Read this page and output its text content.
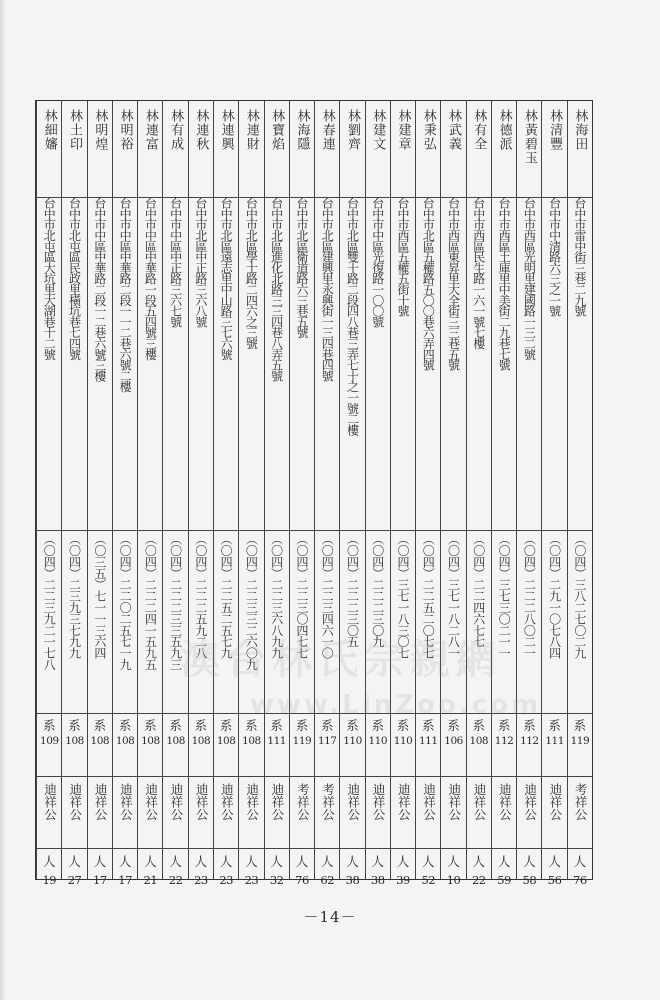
林海田
台中市雷中街三巷二九號
（〇四）三八二七〇二九
系
119
考祥公
人
76
林清豐
台中市中清路六三之一號
（〇四）二九一〇七八四
系
111
迪祥公
人
56
林黃碧玉
台中市西區光明里建國路一三二號
（〇四）二二二八〇二一
系
112
迪祥公
人
58
林德派
台中市西區土庫里中美街二九巷七號
（〇四）三七三〇二一一
系
112
迪祥公
人
59
林有全
台中市西區民生路一六一號七樓
（〇四）二二四六七七
系
108
迪祥公
人
22
林武義
台中市西區東昇里大全街三三巷五號
（〇四）三七一八二八一
系
106
迪祥公
人
10
林秉弘
台中市北區五權路五〇〇巷六弄四號
（〇四）二二五二〇七七
系
111
迪祥公
人
52
林建章
台中市西區五權五街十號
（〇四）三七一八三〇七
系
110
迪祥公
人
39
林建文
台中市中區光復路一〇〇號
（〇四）二二二三〇九
系
110
迪祥公
人
38
林劉齊
台中市北區雙十路二段四八巷三弄七十之一號二樓
（〇四）二二二三〇五
系
110
迪祥公
人
38
林春連
台中市北區建興里永興街一三四巷四號
（〇四）二二三四六一〇
系
117
考祥公
人
62
林海隱
台中市北區衛道路六三巷五號
（〇四）二二三〇四七七
系
119
考祥公
人
76
林寶焰
台中市北區進化北路三三四巷八弄五號
（〇四）二二三六八九九
系
111
迪祥公
人
32
林連財
台中市北區學士路二四六之三號
（〇四）二二三三二六〇九
系
108
迪祥公
人
23
林連興
台中市北區遠志里中山路三七六號
（〇四）二二五二五七九
系
108
迪祥公
人
23
林連秋
台中市北區中正路三六八號
（〇四）二二二五九二八
系
108
迪祥公
人
23
林有成
台中市中區中正路三六七號
（〇四）二二二三三五九三
系
108
迪祥公
人
22
林連富
台中市中區中華路一段五四號三樓
（〇四）二二二四一五九五
系
108
迪祥公
人
21
林明裕
台中市中區中華路二段一一二巷六號二樓
（〇四）二二〇二五七一九
系
108
迪祥公
人
17
林明煌
台中市中區中華路二段一二巷六號三樓
（〇三五）七一一三六四
系
108
迪祥公
人
17
林土印
台中市北屯區民政里橫坑巷七四號
（〇四）二三九三七九九
系
108
迪祥公
人
27
林細嬸
台中市北屯區大坑里大湖巷十二號
（〇四）二二三九二一七八
系
109
迪祥公
人
19
澳台林氏宗親網
www.LinZoo.com
－14－
